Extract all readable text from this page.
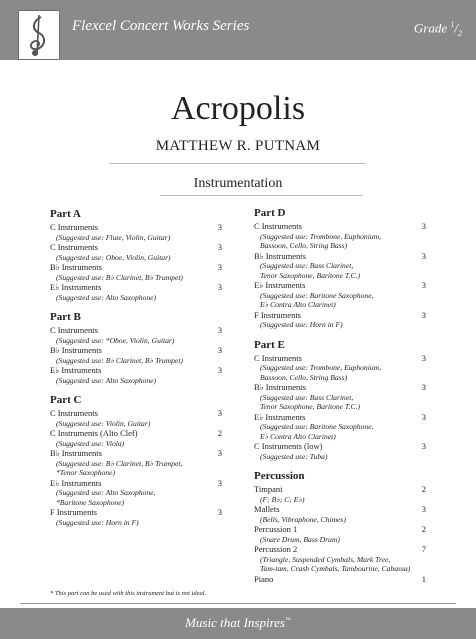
Flexcel Concert Works Series	Grade $^1/_2$
Acropolis
MATTHEW R. PUTNAM
Instrumentation
Part A
C Instruments	3
(Suggested use: Flute, Violin, Guitar)
C Instruments	3
(Suggested use: Oboe, Violin, Guitar)
B♭ Instruments	3
(Suggested use: B♭ Clarinet, B♭ Trumpet)
E♭ Instruments	3
(Suggested use: Alto Saxophone)
Part B
C Instruments	3
(Suggested use: *Oboe, Violin, Guitar)
B♭ Instruments	3
(Suggested use: B♭ Clarinet, B♭ Trumpet)
E♭ Instruments	3
(Suggested use: Alto Saxophone)
Part C
C Instruments	3
(Suggested use: Violin, Guitar)
C Instruments (Alto Clef)	2
(Suggested use: Viola)
B♭ Instruments	3
(Suggested use: B♭ Clarinet, B♭ Trumpet,
*Tenor Saxophone)
E♭ Instruments	3
(Suggested use: Alto Saxophone,
*Baritone Saxophone)
F Instruments	3
(Suggested use: Horn in F)
Part D
C Instruments	3
(Suggested use: Trombone, Euphonium,
Bassoon, Cello, String Bass)
B♭ Instruments	3
(Suggested use: Bass Clarinet,
Tenor Saxophone, Baritone T.C.)
E♭ Instruments	3
(Suggested use: Baritone Saxophone,
E♭ Contra Alto Clarinet)
F Instruments	3
(Suggested use: Horn in F)
Part E
C Instruments	3
(Suggested use: Trombone, Euphonium,
Bassoon, Cello, String Bass)
B♭ Instruments	3
(Suggested use: Bass Clarinet,
Tenor Saxophone, Baritone T.C.)
E♭ Instruments	3
(Suggested use: Baritone Saxophone,
E♭ Contra Alto Clarinet)
C Instruments (low)	3
(Suggested use: Tuba)
Percussion
Timpani	2
(F; B♭; C; E♭)
Mallets	3
(Bells, Vibraphone, Chimes)
Percussion 1	2
(Snare Drum, Bass Drum)
Percussion 2	7
(Triangle, Suspended Cymbals, Mark Tree,
Tam-tam, Crash Cymbals, Tambourine, Cabassa)
Piano	1
* This part can be used with this instrument but is not ideal.
Music that Inspires™
